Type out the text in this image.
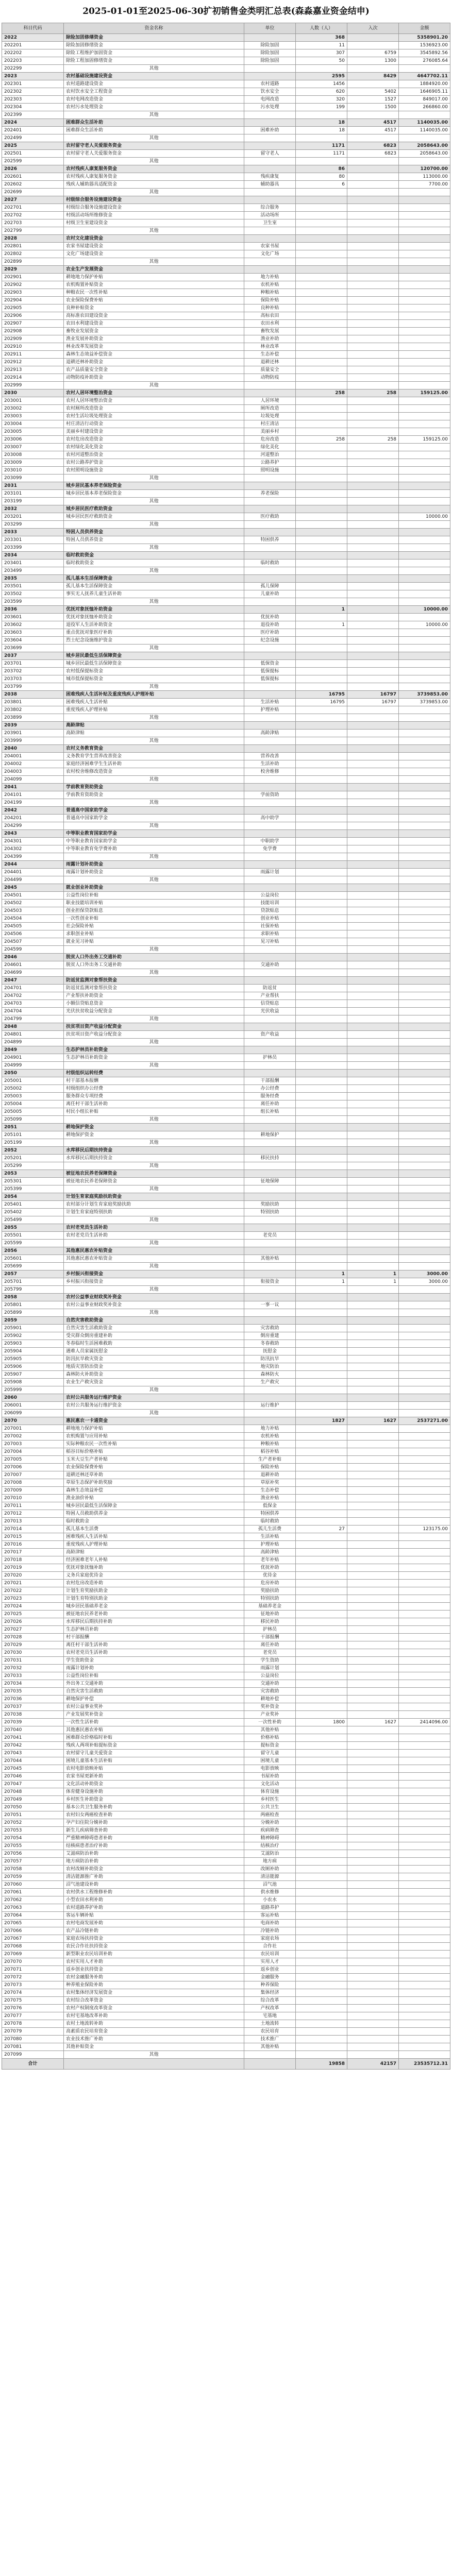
2025-01-01至2025-06-30扩初销售金类明汇总表(森淼嘉业资金结申)
科目代码	资金名称	单位	人数（人）	入次	金额
2022	除险加固修缮资金		368		5358901.20
202201	除险加固修缮资金	除险加固	11		1536923.00
202202	除险工程维护加固资金	除险加固	307	6759	3545892.56
202203	除险工程加固修缮资金	除险加固	50	1300	276085.64
202299	其他				
2023	农村基础设施建设资金		2595	8429	4647702.11
202301	农村道路建设资金	农村道路	1456		1884920.00
202302	农村饮水安全工程资金	饮水安全	620	5402	1646905.11
202303	农村电网改造资金	电网改造	320	1527	849017.00
202304	农村污水处理资金	污水处理	199	1500	266860.00
202399	其他				
2024	困难群众生活补助		18	4517	1140035.00
202401	困难群众生活补助	困难补助	18	4517	1140035.00
202499	其他				
2025	农村留守老人关爱服务资金		1171	6823	2058643.00
202501	农村留守老人关爱服务资金	留守老人	1171	6823	2058643.00
202599	其他				
2026	农村残疾人康复服务资金		86		120700.00
202601	农村残疾人康复服务资金	残疾康复	80		113000.00
202602	残疾人辅助器具适配资金	辅助器具	6		7700.00
202699	其他				
2027	村级综合服务设施建设资金				
202701	村级综合服务设施建设资金	综合服务			
202702	村级活动场所维修资金	活动场所			
202703	村级卫生室建设资金	卫生室			
202799	其他				
2028	农村文化建设资金				
202801	农家书屋建设资金	农家书屋			
202802	文化广场建设资金	文化广场			
202899	其他				
2029	农业生产发展资金				
202901	耕地地力保护补贴	地力补贴			
202902	农机购置补贴资金	农机补贴			
202903	种粮农民一次性补贴	种粮补贴			
202904	农业保险保费补贴	保险补贴			
202905	良种补贴资金	良种补贴			
202906	高标准农田建设资金	高标农田			
202907	农田水利建设资金	农田水利			
202908	畜牧业发展资金	畜牧发展			
202909	渔业发展补助资金	渔业补助			
202910	林业改革发展资金	林业改革			
202911	森林生态效益补偿资金	生态补偿			
202912	退耕还林补助资金	退耕还林			
202913	农产品质量安全资金	质量安全			
202914	动物防疫补助资金	动物防疫			
202999	其他				
2030	农村人居环境整治资金		258	258	159125.00
203001	农村人居环境整治资金	人居环境			
203002	农村厕所改造资金	厕所改造			
203003	农村生活垃圾处理资金	垃圾处理			
203004	村庄清洁行动资金	村庄清洁			
203005	美丽乡村建设资金	美丽乡村			
203006	农村危房改造资金	危房改造	258	258	159125.00
203007	农村绿化美化资金	绿化美化			
203008	农村河道整治资金	河道整治			
203009	农村公路养护资金	公路养护			
203010	农村照明设施资金	照明设施			
203099	其他				
2031	城乡居民基本养老保险资金				
203101	城乡居民基本养老保险资金	养老保险			
203199	其他				
2032	城乡居民医疗救助资金				
203201	城乡居民医疗救助资金	医疗救助			10000.00
203299	其他				
2033	特困人员供养资金				
203301	特困人员供养资金	特困供养			
203399	其他				
2034	临时救助资金				
203401	临时救助资金	临时救助			
203499	其他				
2035	孤儿基本生活保障资金				
203501	孤儿基本生活保障资金	孤儿保障			
203502	事实无人抚养儿童生活补助	儿童补助			
203599	其他				
2036	优抚对象抚恤补助资金		1		10000.00
203601	优抚对象抚恤补助资金	优抚补助			
203602	退役军人生活补助资金	退役补助	1		10000.00
203603	重点优抚对象医疗补助	医疗补助			
203604	烈士纪念设施维护资金	纪念设施			
203699	其他				
2037	城乡居民最低生活保障资金				
203701	城乡居民最低生活保障资金	低保资金			
203702	农村低保提标资金	低保提标			
203703	城市低保提标资金	低保提标			
203799	其他				
2038	困难残疾人生活补贴及重度残疾人护理补贴		16795	16797	3739853.00
203801	困难残疾人生活补贴	生活补贴	16795	16797	3739853.00
203802	重度残疾人护理补贴	护理补贴			
203899	其他				
2039	高龄津贴				
203901	高龄津贴	高龄津贴			
203999	其他				
2040	农村义务教育资金				
204001	义务教育学生营养改善资金	营养改善			
204002	家庭经济困难学生生活补助	生活补助			
204003	农村校舍维修改造资金	校舍维修			
204099	其他				
2041	学前教育资助资金				
204101	学前教育资助资金	学前资助			
204199	其他				
2042	普通高中国家助学金				
204201	普通高中国家助学金	高中助学			
204299	其他				
2043	中等职业教育国家助学金				
204301	中等职业教育国家助学金	中职助学			
204302	中等职业教育免学费补助	免学费			
204399	其他				
2044	雨露计划补助资金				
204401	雨露计划补助资金	雨露计划			
204499	其他				
2045	就业创业补助资金				
204501	公益性岗位补贴	公益岗位			
204502	职业技能培训补贴	技能培训			
204503	创业担保贷款贴息	贷款贴息			
204504	一次性创业补贴	创业补贴			
204505	社会保险补贴	社保补贴			
204506	求职创业补贴	求职补贴			
204507	就业见习补贴	见习补贴			
204599	其他				
2046	脱贫人口外出务工交通补助				
204601	脱贫人口外出务工交通补助	交通补助			
204699	其他				
2047	防返贫监测对象帮扶资金				
204701	防返贫监测对象帮扶资金	防返贫			
204702	产业帮扶补助资金	产业帮扶			
204703	小额信贷贴息资金	信贷贴息			
204704	光伏扶贫收益分配资金	光伏收益			
204799	其他				
2048	扶贫项目资产收益分配资金				
204801	扶贫项目资产收益分配资金	资产收益			
204899	其他				
2049	生态护林员补助资金				
204901	生态护林员补助资金	护林员			
204999	其他				
2050	村级组织运转经费				
205001	村干部基本报酬	干部报酬			
205002	村级组织办公经费	办公经费			
205003	服务群众专项经费	服务经费			
205004	离任村干部生活补助	离任补助			
205005	村民小组长补贴	组长补贴			
205099	其他				
2051	耕地保护资金				
205101	耕地保护资金	耕地保护			
205199	其他				
2052	水库移民后期扶持资金				
205201	水库移民后期扶持资金	移民扶持			
205299	其他				
2053	被征地农民养老保障资金				
205301	被征地农民养老保障资金	征地保障			
205399	其他				
2054	计划生育家庭奖励扶助资金				
205401	农村部分计划生育家庭奖励扶助	奖励扶助			
205402	计划生育家庭特别扶助	特别扶助			
205499	其他				
2055	农村老党员生活补助				
205501	农村老党员生活补助	老党员			
205599	其他				
2056	其他惠民惠农补贴资金				
205601	其他惠民惠农补贴资金	其他补贴			
205699	其他				
2057	乡村振兴衔接资金		1	1	3000.00
205701	乡村振兴衔接资金	衔接资金	1	1	3000.00
205799	其他				
2058	农村公益事业财政奖补资金				
205801	农村公益事业财政奖补资金	一事一议			
205899	其他				
2059	自然灾害救助资金				
205901	自然灾害生活救助资金	灾害救助			
205902	受灾群众倒房重建补助	倒房重建			
205903	冬春临时生活困难救助	冬春救助			
205904	遇难人员家属抚慰金	抚慰金			
205905	防汛抗旱救灾资金	防汛抗旱			
205906	地质灾害防治资金	地灾防治			
205907	森林防火补助资金	森林防火			
205908	农业生产救灾资金	生产救灾			
205999	其他				
2060	农村公共服务运行维护资金				
206001	农村公共服务运行维护资金	运行维护			
206099	其他				
2070	惠民惠农一卡通资金		1827	1627	2537271.00
207001	耕地地力保护补贴	地力补贴			
207002	农机购置与应用补贴	农机补贴			
207003	实际种粮农民一次性补贴	种粮补贴			
207004	稻谷目标价格补贴	稻谷补贴			
207005	玉米大豆生产者补贴	生产者补贴			
207006	农业保险保费补贴	保险补贴			
207007	退耕还林还草补助	退耕补助			
207008	草原生态保护补助奖励	草原补奖			
207009	森林生态效益补偿	生态补偿			
207010	渔业油价补贴	渔业补贴			
207011	城乡居民最低生活保障金	低保金			
207012	特困人员救助供养金	特困供养			
207013	临时救助金	临时救助			
207014	孤儿基本生活费	孤儿生活费	27		123175.00
207015	困难残疾人生活补贴	生活补贴			
207016	重度残疾人护理补贴	护理补贴			
207017	高龄津贴	高龄津贴			
207018	经济困难老年人补贴	老年补贴			
207019	优抚对象抚恤补助	优抚补助			
207020	义务兵家庭优待金	优待金			
207021	农村危房改造补助	危房补助			
207022	计划生育奖励扶助金	奖励扶助			
207023	计划生育特别扶助金	特别扶助			
207024	城乡居民基础养老金	基础养老金			
207025	被征地农民养老补助	征地补助			
207026	水库移民后期扶持补助	移民补助			
207027	生态护林员补助	护林员			
207028	村干部报酬	干部报酬			
207029	离任村干部生活补助	离任补助			
207030	农村老党员生活补助	老党员			
207031	学生资助资金	学生资助			
207032	雨露计划补助	雨露计划			
207033	公益性岗位补贴	公益岗位			
207034	外出务工交通补助	交通补助			
207035	自然灾害生活救助	灾害救助			
207036	耕地保护补偿	耕地补偿			
207037	农村公益事业奖补	奖补资金			
207038	产业发展奖补资金	产业奖补			
207039	一次性生活补助	一次性补助	1800	1627	2414096.00
207040	其他惠民惠农补贴	其他补贴			
207041	困难群众价格临时补贴	价格补贴			
207042	残疾人两项补贴提标资金	提标资金			
207043	农村留守儿童关爱资金	留守儿童			
207044	困境儿童基本生活补贴	困境儿童			
207045	农村电影放映补贴	电影放映			
207046	农家书屋更新补助	书屋补助			
207047	文化活动补助资金	文化活动			
207048	体育健身设施补助	体育设施			
207049	乡村医生补助资金	乡村医生			
207050	基本公共卫生服务补助	公共卫生			
207051	农村妇女两癌检查补助	两癌检查			
207052	孕产妇住院分娩补助	分娩补助			
207053	新生儿疾病筛查补助	疾病筛查			
207054	严重精神障碍患者补助	精神障碍			
207055	结核病患者治疗补助	结核治疗			
207056	艾滋病防治补助	艾滋防治			
207057	地方病防治补助	地方病			
207058	农村改厕补助资金	改厕补助			
207059	清洁能源推广补助	清洁能源			
207060	沼气池建设补助	沼气池			
207061	农村供水工程维修补助	供水维修			
207062	小型农田水利补助	小农水			
207063	农村道路养护补助	道路养护			
207064	客运车辆补贴	客运补贴			
207065	农村电商发展补助	电商补助			
207066	农产品冷链补助	冷链补助			
207067	家庭农场扶持资金	家庭农场			
207068	农民合作社扶持资金	合作社			
207069	新型职业农民培训补助	农民培训			
207070	农村实用人才补助	实用人才			
207071	返乡创业扶持资金	返乡创业			
207072	农村金融服务补助	金融服务			
207073	种养殖业保险补助	种养保险			
207074	农村集体经济发展资金	集体经济			
207075	农村综合改革资金	综合改革			
207076	农村产权制度改革资金	产权改革			
207077	农村宅基地改革补助	宅基地			
207078	农村土地流转补助	土地流转			
207079	高素质农民培育资金	农民培育			
207080	农业技术推广补助	技术推广			
207081	其他补贴资金	其他补贴			
207099	其他				
合计			19858	42157	23535712.31
